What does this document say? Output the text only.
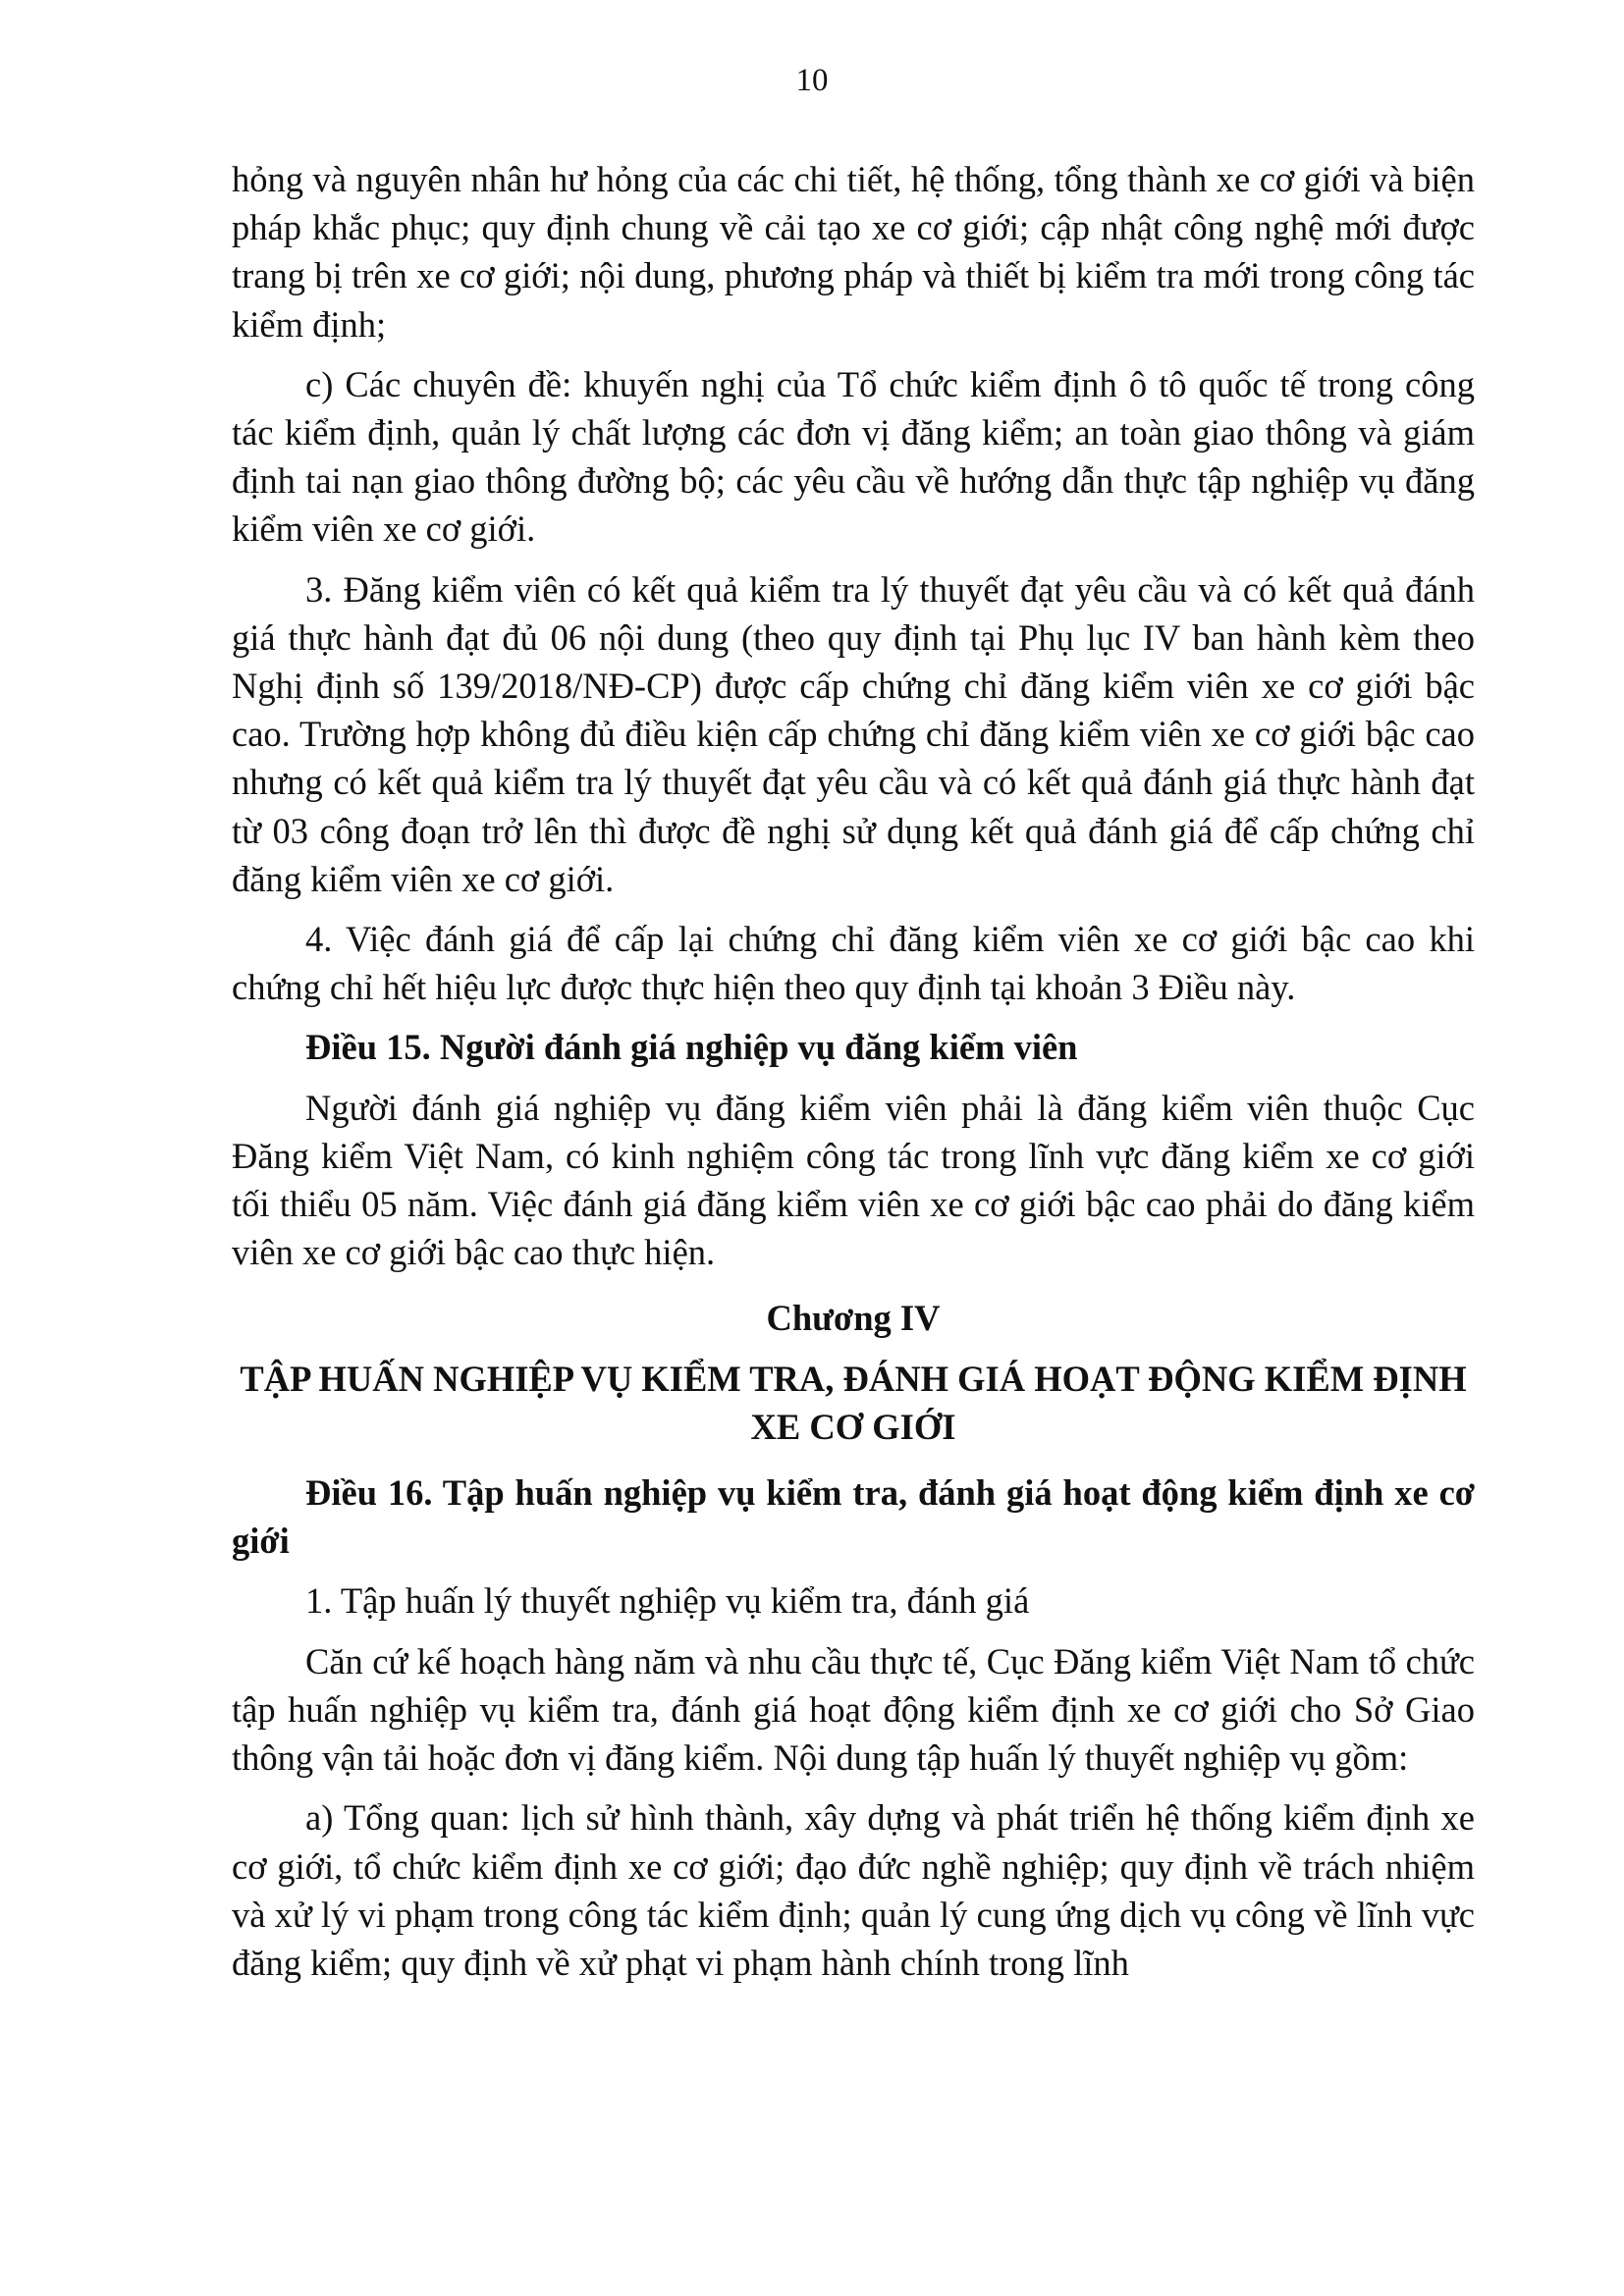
10

hỏng và nguyên nhân hư hỏng của các chi tiết, hệ thống, tổng thành xe cơ giới và biện pháp khắc phục; quy định chung về cải tạo xe cơ giới; cập nhật công nghệ mới được trang bị trên xe cơ giới; nội dung, phương pháp và thiết bị kiểm tra mới trong công tác kiểm định;

c) Các chuyên đề: khuyến nghị của Tổ chức kiểm định ô tô quốc tế trong công tác kiểm định, quản lý chất lượng các đơn vị đăng kiểm; an toàn giao thông và giám định tai nạn giao thông đường bộ; các yêu cầu về hướng dẫn thực tập nghiệp vụ đăng kiểm viên xe cơ giới.

3. Đăng kiểm viên có kết quả kiểm tra lý thuyết đạt yêu cầu và có kết quả đánh giá thực hành đạt đủ 06 nội dung (theo quy định tại Phụ lục IV ban hành kèm theo Nghị định số 139/2018/NĐ-CP) được cấp chứng chỉ đăng kiểm viên xe cơ giới bậc cao. Trường hợp không đủ điều kiện cấp chứng chỉ đăng kiểm viên xe cơ giới bậc cao nhưng có kết quả kiểm tra lý thuyết đạt yêu cầu và có kết quả đánh giá thực hành đạt từ 03 công đoạn trở lên thì được đề nghị sử dụng kết quả đánh giá để cấp chứng chỉ đăng kiểm viên xe cơ giới.

4. Việc đánh giá để cấp lại chứng chỉ đăng kiểm viên xe cơ giới bậc cao khi chứng chỉ hết hiệu lực được thực hiện theo quy định tại khoản 3 Điều này.

Điều 15. Người đánh giá nghiệp vụ đăng kiểm viên

Người đánh giá nghiệp vụ đăng kiểm viên phải là đăng kiểm viên thuộc Cục Đăng kiểm Việt Nam, có kinh nghiệm công tác trong lĩnh vực đăng kiểm xe cơ giới tối thiểu 05 năm. Việc đánh giá đăng kiểm viên xe cơ giới bậc cao phải do đăng kiểm viên xe cơ giới bậc cao thực hiện.

Chương IV

TẬP HUẤN NGHIỆP VỤ KIỂM TRA, ĐÁNH GIÁ HOẠT ĐỘNG KIỂM ĐỊNH XE CƠ GIỚI

Điều 16. Tập huấn nghiệp vụ kiểm tra, đánh giá hoạt động kiểm định xe cơ giới

1. Tập huấn lý thuyết nghiệp vụ kiểm tra, đánh giá

Căn cứ kế hoạch hàng năm và nhu cầu thực tế, Cục Đăng kiểm Việt Nam tổ chức tập huấn nghiệp vụ kiểm tra, đánh giá hoạt động kiểm định xe cơ giới cho Sở Giao thông vận tải hoặc đơn vị đăng kiểm. Nội dung tập huấn lý thuyết nghiệp vụ gồm:

a) Tổng quan: lịch sử hình thành, xây dựng và phát triển hệ thống kiểm định xe cơ giới, tổ chức kiểm định xe cơ giới; đạo đức nghề nghiệp; quy định về trách nhiệm và xử lý vi phạm trong công tác kiểm định; quản lý cung ứng dịch vụ công về lĩnh vực đăng kiểm; quy định về xử phạt vi phạm hành chính trong lĩnh
